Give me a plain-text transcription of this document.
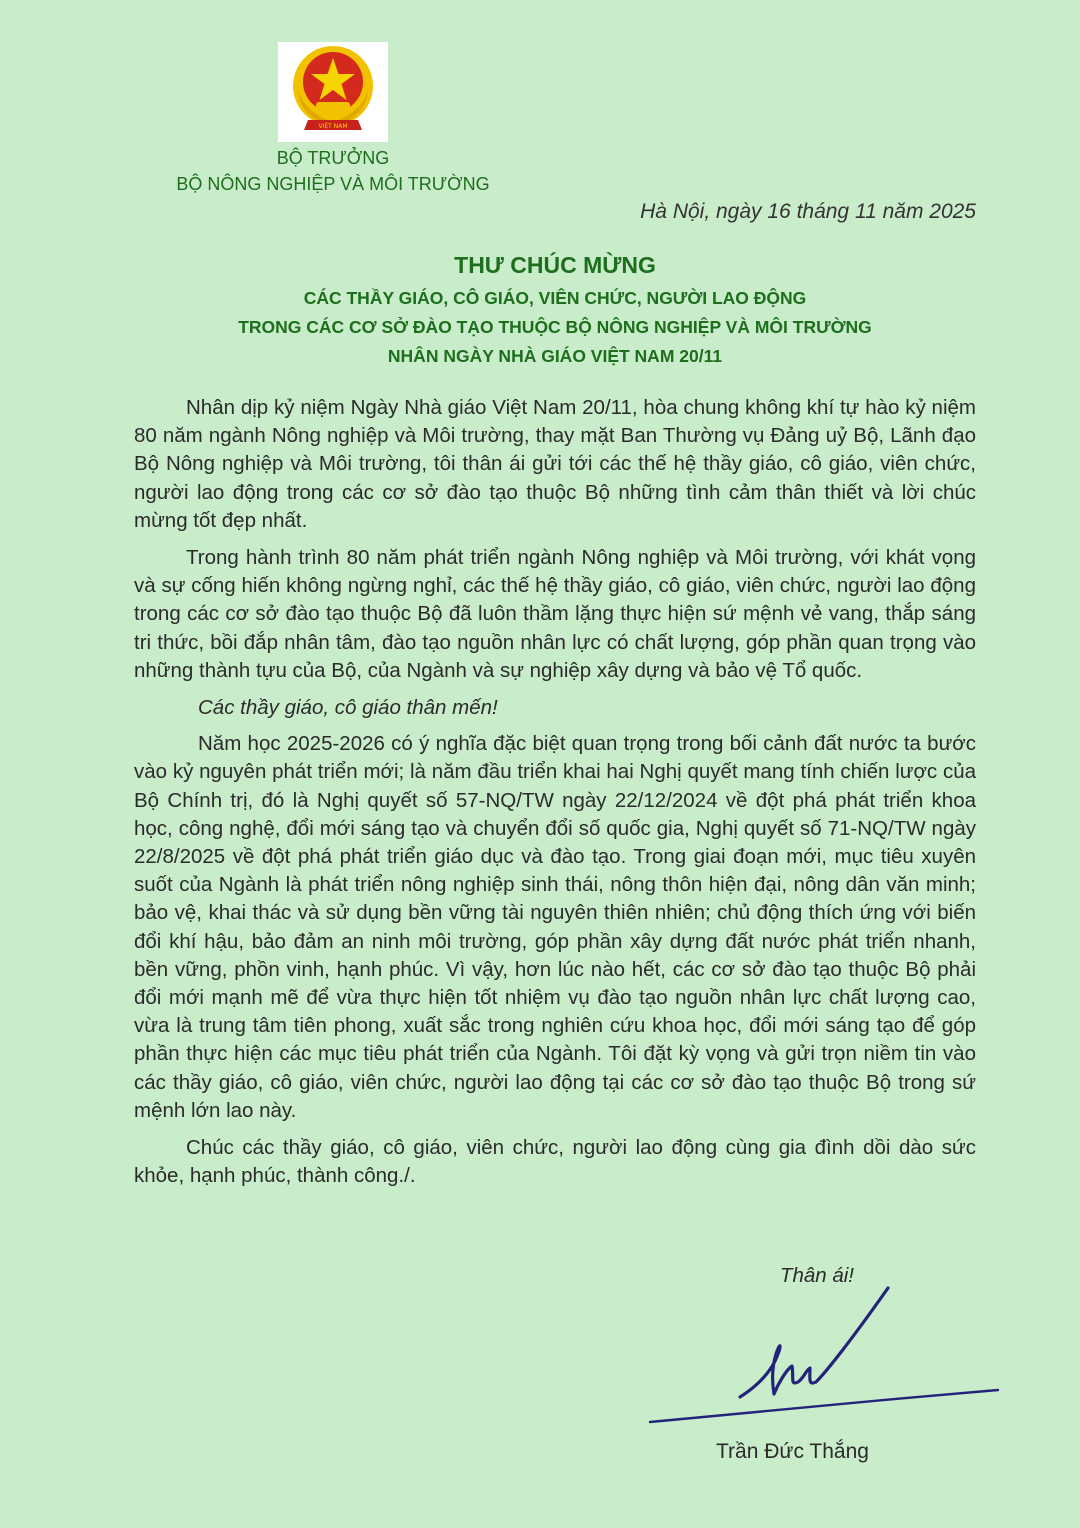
VIỆT NAM
BỘ TRƯỞNG
BỘ NÔNG NGHIỆP VÀ MÔI TRƯỜNG
Hà Nội, ngày 16 tháng 11 năm 2025
THƯ CHÚC MỪNG
CÁC THẦY GIÁO, CÔ GIÁO, VIÊN CHỨC, NGƯỜI LAO ĐỘNG
TRONG CÁC CƠ SỞ ĐÀO TẠO THUỘC BỘ NÔNG NGHIỆP VÀ MÔI TRƯỜNG
NHÂN NGÀY NHÀ GIÁO VIỆT NAM 20/11

Nhân dịp kỷ niệm Ngày Nhà giáo Việt Nam 20/11, hòa chung không khí tự hào kỷ niệm 80 năm ngành Nông nghiệp và Môi trường, thay mặt Ban Thường vụ Đảng uỷ Bộ, Lãnh đạo Bộ Nông nghiệp và Môi trường, tôi thân ái gửi tới các thế hệ thầy giáo, cô giáo, viên chức, người lao động trong các cơ sở đào tạo thuộc Bộ những tình cảm thân thiết và lời chúc mừng tốt đẹp nhất.

Trong hành trình 80 năm phát triển ngành Nông nghiệp và Môi trường, với khát vọng và sự cống hiến không ngừng nghỉ, các thế hệ thầy giáo, cô giáo, viên chức, người lao động trong các cơ sở đào tạo thuộc Bộ đã luôn thầm lặng thực hiện sứ mệnh vẻ vang, thắp sáng tri thức, bồi đắp nhân tâm, đào tạo nguồn nhân lực có chất lượng, góp phần quan trọng vào những thành tựu của Bộ, của Ngành và sự nghiệp xây dựng và bảo vệ Tổ quốc.

Các thầy giáo, cô giáo thân mến!

Năm học 2025-2026 có ý nghĩa đặc biệt quan trọng trong bối cảnh đất nước ta bước vào kỷ nguyên phát triển mới; là năm đầu triển khai hai Nghị quyết mang tính chiến lược của Bộ Chính trị, đó là Nghị quyết số 57-NQ/TW ngày 22/12/2024 về đột phá phát triển khoa học, công nghệ, đổi mới sáng tạo và chuyển đổi số quốc gia, Nghị quyết số 71-NQ/TW ngày 22/8/2025 về đột phá phát triển giáo dục và đào tạo. Trong giai đoạn mới, mục tiêu xuyên suốt của Ngành là phát triển nông nghiệp sinh thái, nông thôn hiện đại, nông dân văn minh; bảo vệ, khai thác và sử dụng bền vững tài nguyên thiên nhiên; chủ động thích ứng với biến đổi khí hậu, bảo đảm an ninh môi trường, góp phần xây dựng đất nước phát triển nhanh, bền vững, phồn vinh, hạnh phúc. Vì vậy, hơn lúc nào hết, các cơ sở đào tạo thuộc Bộ phải đổi mới mạnh mẽ để vừa thực hiện tốt nhiệm vụ đào tạo nguồn nhân lực chất lượng cao, vừa là trung tâm tiên phong, xuất sắc trong nghiên cứu khoa học, đổi mới sáng tạo để góp phần thực hiện các mục tiêu phát triển của Ngành. Tôi đặt kỳ vọng và gửi trọn niềm tin vào các thầy giáo, cô giáo, viên chức, người lao động tại các cơ sở đào tạo thuộc Bộ trong sứ mệnh lớn lao này.

Chúc các thầy giáo, cô giáo, viên chức, người lao động cùng gia đình dồi dào sức khỏe, hạnh phúc, thành công./.

Thân ái!
Trần Đức Thắng
